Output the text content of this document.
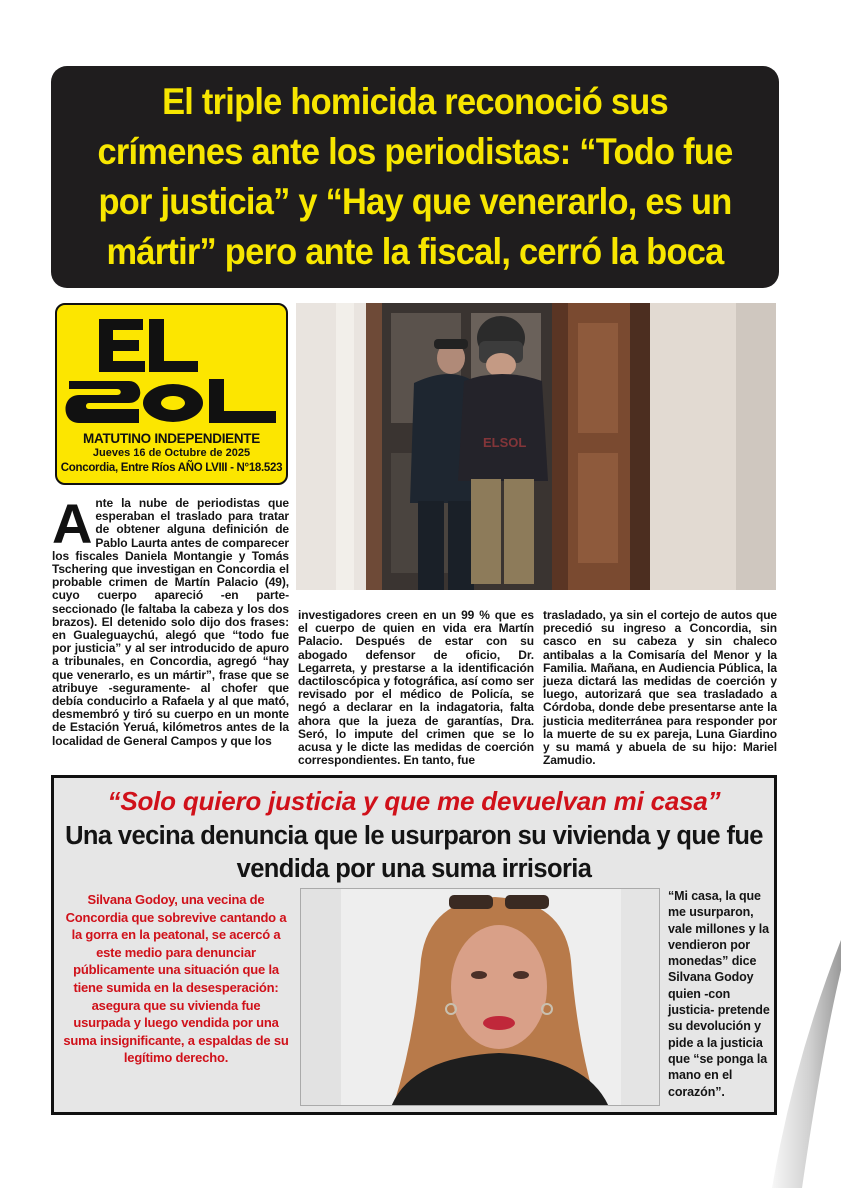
El triple homicida reconoció sus crímenes ante los periodistas: “Todo fue por justicia” y “Hay que venerarlo, es un mártir” pero ante la fiscal, cerró la boca
MATUTINO INDEPENDIENTE
Jueves 16 de Octubre de 2025
Concordia, Entre Ríos AÑO LVIII - N°18.523
ELSOL

Ante la nube de periodistas que esperaban el traslado para tratar de obtener alguna definición de Pablo Laurta antes de comparecer los fiscales Daniela Montangie y Tomás Tschering que investigan en Concordia el probable crimen de Martín Palacio (49), cuyo cuerpo apareció -en parte- seccionado (le faltaba la cabeza y los dos brazos). El detenido solo dijo dos frases: en Gualeguaychú, alegó que “todo fue por justicia” y al ser introducido de apuro a tribunales, en Concordia, agregó “hay que venerarlo, es un mártir”, frase que se atribuye -seguramente- al chofer que debía conducirlo a Rafaela y al que mató, desmembró y tiró su cuerpo en un monte de Estación Yeruá, kilómetros antes de la localidad de General Campos y que los

investigadores creen en un 99 % que es el cuerpo de quien en vida era Martín Palacio. Después de estar con su abogado defensor de oficio, Dr. Legarreta, y prestarse a la identificación dactiloscópica y fotográfica, así como ser revisado por el médico de Policía, se negó a declarar en la indagatoria, falta ahora que la jueza de garantías, Dra. Seró, lo impute del crimen que se lo acusa y le dicte las medidas de coerción correspondientes. En tanto, fue

trasladado, ya sin el cortejo de autos que precedió su ingreso a Concordia, sin casco en su cabeza y sin chaleco antibalas a la Comisaría del Menor y la Familia. Mañana, en Audiencia Pública, la jueza dictará las medidas de coerción y luego, autorizará que sea trasladado a Córdoba, donde debe presentarse ante la justicia mediterránea para responder por la muerte de su ex pareja, Luna Giardino y su mamá y abuela de su hijo: Mariel Zamudio.

“Solo quiero justicia y que me devuelvan mi casa”

Una vecina denuncia que le usurparon su vivienda y que fue vendida por una suma irrisoria

Silvana Godoy, una vecina de Concordia que sobrevive cantando a la gorra en la peatonal, se acercó a este medio para denunciar públicamente una situación que la tiene sumida en la desesperación: asegura que su vivienda fue usurpada y luego vendida por una suma insignificante, a espaldas de su legítimo derecho.

“Mi casa, la que me usurparon, vale millones y la vendieron por monedas” dice Silvana Godoy quien -con justicia- pretende su devolución y pide a la justicia que “se ponga la mano en el corazón”.
